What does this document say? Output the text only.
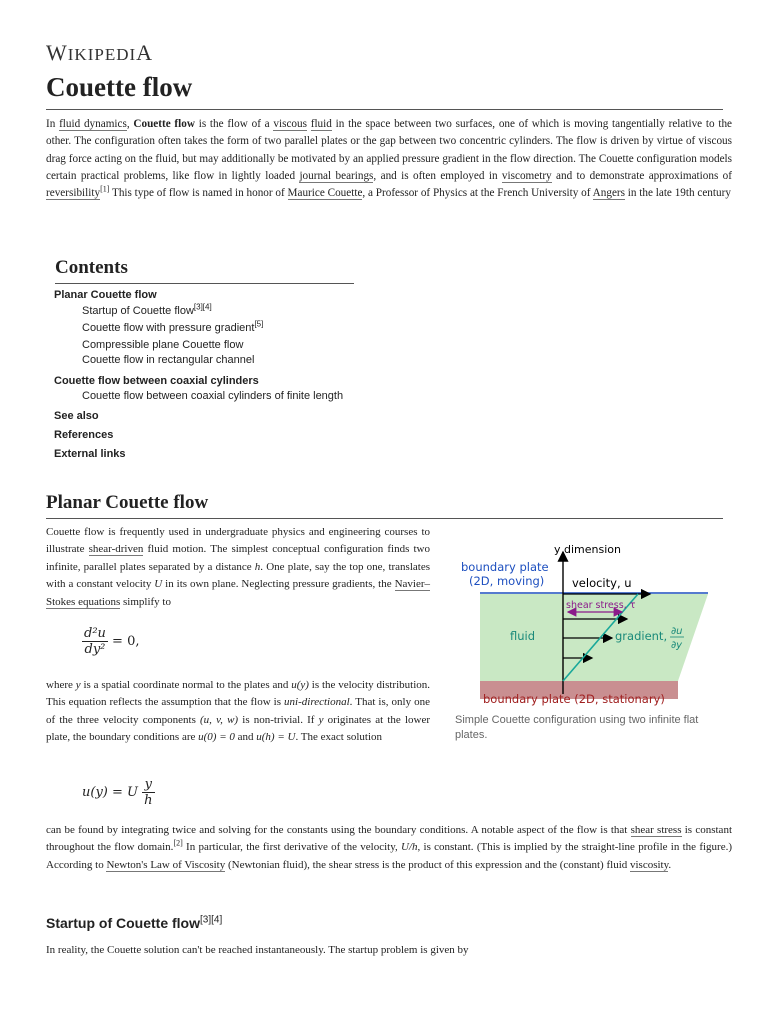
WIKIPEDIA
Couette flow

In fluid dynamics, Couette flow is the flow of a viscous fluid in the space between two surfaces, one of which is moving tangentially relative to the other. The configuration often takes the form of two parallel plates or the gap between two concentric cylinders. The flow is driven by virtue of viscous drag force acting on the fluid, but may additionally be motivated by an applied pressure gradient in the flow direction. The Couette configuration models certain practical problems, like flow in lightly loaded journal bearings, and is often employed in viscometry and to demonstrate approximations of reversibility[1] This type of flow is named in honor of Maurice Couette, a Professor of Physics at the French University of Angers in the late 19th century

Contents
Planar Couette flow
Startup of Couette flow[3][4]
Couette flow with pressure gradient[5]
Compressible plane Couette flow
Couette flow in rectangular channel
Couette flow between coaxial cylinders
Couette flow between coaxial cylinders of finite length
See also
References
External links
Planar Couette flow

Couette flow is frequently used in undergraduate physics and engineering courses to illustrate shear-driven fluid motion. The simplest conceptual configuration finds two infinite, parallel plates separated by a distance h. One plate, say the top one, translates with a constant velocity U in its own plane. Neglecting pressure gradients, the Navier–Stokes equations simplify to

$\frac{\text{d²u}}{\text{dy²}} = 0$,

where y is a spatial coordinate normal to the plates and u(y) is the velocity distribution. This equation reflects the assumption that the flow is uni-directional. That is, only one of the three velocity components (u, v, w) is non-trivial. If y originates at the lower plate, the boundary conditions are u(0) = 0 and u(h) = U. The exact solution

u(y) = U $\frac{y}{h}$

can be found by integrating twice and solving for the constants using the boundary conditions. A notable aspect of the flow is that shear stress is constant throughout the flow domain.[2] In particular, the first derivative of the velocity, U/h, is constant. (This is implied by the straight-line profile in the figure.) According to Newton's Law of Viscosity (Newtonian fluid), the shear stress is the product of this expression and the (constant) fluid viscosity.

y dimension
boundary plate
(2D, moving) velocity, u
shear stress, τ
fluid	gradient, ∂u
∂y
boundary plate (2D, stationary)
Simple Couette configuration using two infinite flat plates.
Startup of Couette flow[3][4]

In reality, the Couette solution can't be reached instantaneously. The startup problem is given by
